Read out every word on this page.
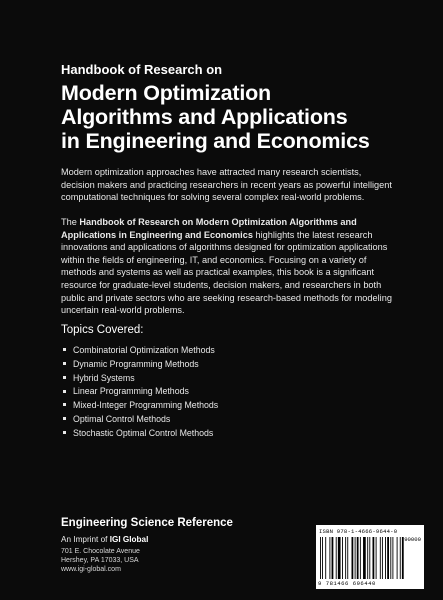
Handbook of Research on
Modern Optimization
Algorithms and Applications
in Engineering and Economics
Modern optimization approaches have attracted many research scientists,
decision makers and practicing researchers in recent years as powerful intelligent
computational techniques for solving several complex real-world problems.
The Handbook of Research on Modern Optimization Algorithms and
Applications in Engineering and Economics highlights the latest research
innovations and applications of algorithms designed for optimization applications
within the fields of engineering, IT, and economics. Focusing on a variety of
methods and systems as well as practical examples, this book is a significant
resource for graduate-level students, decision makers, and researchers in both
public and private sectors who are seeking research-based methods for modeling
uncertain real-world problems.
Topics Covered:
Combinatorial Optimization Methods
Dynamic Programming Methods
Hybrid Systems
Linear Programming Methods
Mixed-Integer Programming Methods
Optimal Control Methods
Stochastic Optimal Control Methods
Engineering Science Reference
An Imprint of IGI Global
701 E. Chocolate Avenue
Hershey, PA 17033, USA
www.igi-global.com
ISBN 978-1-4666-9644-0
90000
9 781466 696440
